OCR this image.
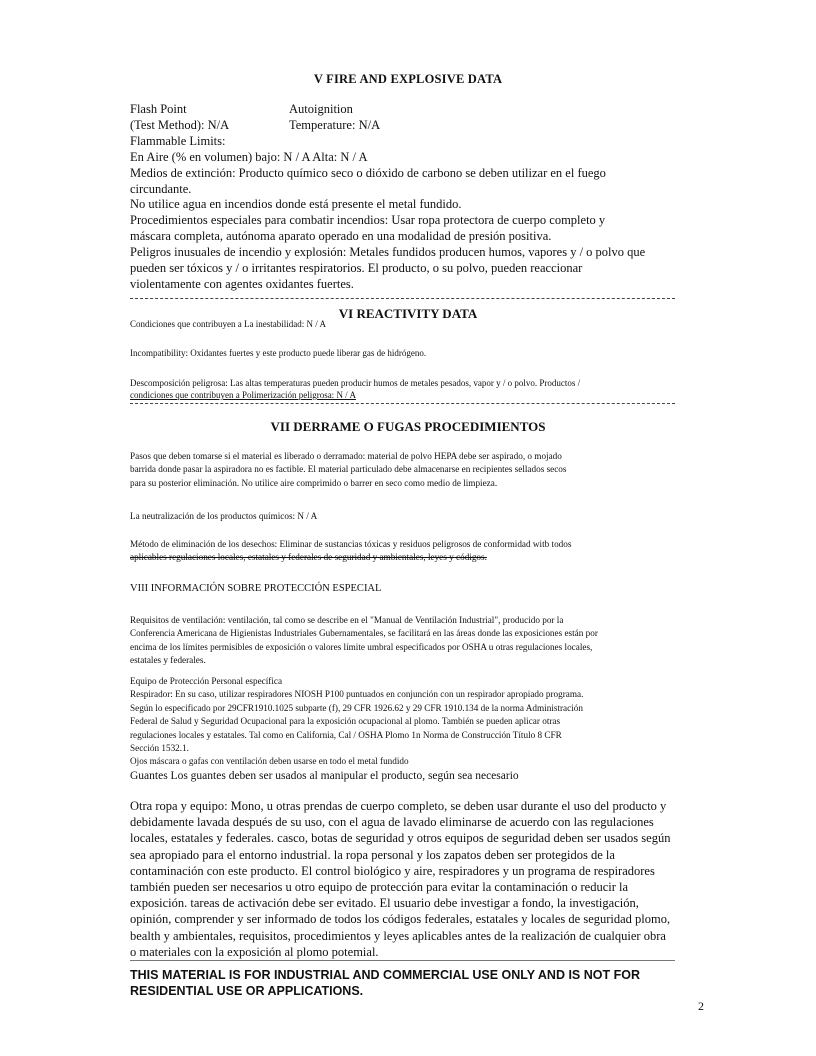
V FIRE AND EXPLOSIVE DATA
Flash Point	Autoignition
(Test Method): N/A	Temperature: N/A

Flammable Limits:

En Aire (% en volumen) bajo: N / A Alta: N / A

Medios de extinción: Producto químico seco o dióxido de carbono se deben utilizar en el fuego

circundante.

No utilice agua en incendios donde está presente el metal fundido.

Procedimientos especiales para combatir incendios: Usar ropa protectora de cuerpo completo y

máscara completa, autónoma aparato operado en una modalidad de presión positiva.

Peligros inusuales de incendio y explosión: Metales fundidos producen humos, vapores y / o polvo que

pueden ser tóxicos y / o irritantes respiratorios. El producto, o su polvo, pueden reaccionar

violentamente con agentes oxidantes fuertes.

VI REACTIVITY DATA
Condiciones que contribuyen a La inestabilidad: N / A
Incompatibility: Oxidantes fuertes y este producto puede liberar gas de hidrógeno.

Descomposición peligrosa: Las altas temperaturas pueden producir humos de metales pesados, vapor y / o polvo. Productos /

condiciones que contribuyen a Polimerización peligrosa: N / A

VII DERRAME O FUGAS PROCEDIMIENTOS

Pasos que deben tomarse si el material es liberado o derramado: material de polvo HEPA debe ser aspirado, o mojado

barrida donde pasar la aspiradora no es factible. El material particulado debe almacenarse en recipientes sellados secos

para su posterior eliminación. No utilice aire comprimido o barrer en seco como medio de limpieza.

La neutralización de los productos químicos: N / A

Método de eliminación de los desechos: Eliminar de sustancias tóxicas y residuos peligrosos de conformidad witb todos

aplicables regulaciones locales, estatales y federales de seguridad y ambientales, leyes y códigos.

VIII INFORMACIÓN SOBRE PROTECCIÓN ESPECIAL

Requisitos de ventilación: ventilación, tal como se describe en el "Manual de Ventilación Industrial", producido por la

Conferencia Americana de Higienistas Industriales Gubernamentales, se facilitará en las áreas donde las exposiciones están por

encima de los límites permisibles de exposición o valores límite umbral especificados por OSHA u otras regulaciones locales,

estatales y federales.

Equipo de Protección Personal específica

Respirador: En su caso, utilizar respiradores NIOSH P100 puntuados en conjunción con un respirador apropiado programa.

Según lo especificado por 29CFR1910.1025 subparte (f), 29 CFR 1926.62 y 29 CFR 1910.134 de la norma Administración

Federal de Salud y Seguridad Ocupacional para la exposición ocupacional al plomo. También se pueden aplicar otras

regulaciones locales y estatales. Tal como en California, Cal / OSHA Plomo 1n Norma de Construcción Título 8 CFR

Sección 1532.1.

Ojos máscara o gafas con ventilación deben usarse en todo el metal fundido

Guantes Los guantes deben ser usados al manipular el producto, según sea necesario

Otra ropa y equipo: Mono, u otras prendas de cuerpo completo, se deben usar durante el uso del producto y

debidamente lavada después de su uso, con el agua de lavado eliminarse de acuerdo con las regulaciones

locales, estatales y federales. casco, botas de seguridad y otros equipos de seguridad deben ser usados según

sea apropiado para el entorno industrial. la ropa personal y los zapatos deben ser protegidos de la

contaminación con este producto. El control biológico y aire, respiradores y un programa de respiradores

también pueden ser necesarios u otro equipo de protección para evitar la contaminación o reducir la

exposición. tareas de activación debe ser evitado. El usuario debe investigar a fondo, la investigación,

opinión, comprender y ser informado de todos los códigos federales, estatales y locales de seguridad plomo,

bealth y ambientales, requisitos, procedimientos y leyes aplicables antes de la realización de cualquier obra

o materiales con la exposición al plomo potemial.

THIS MATERIAL IS FOR INDUSTRIAL AND COMMERCIAL USE ONLY AND IS NOT FOR

RESIDENTIAL USE OR APPLICATIONS.

2
